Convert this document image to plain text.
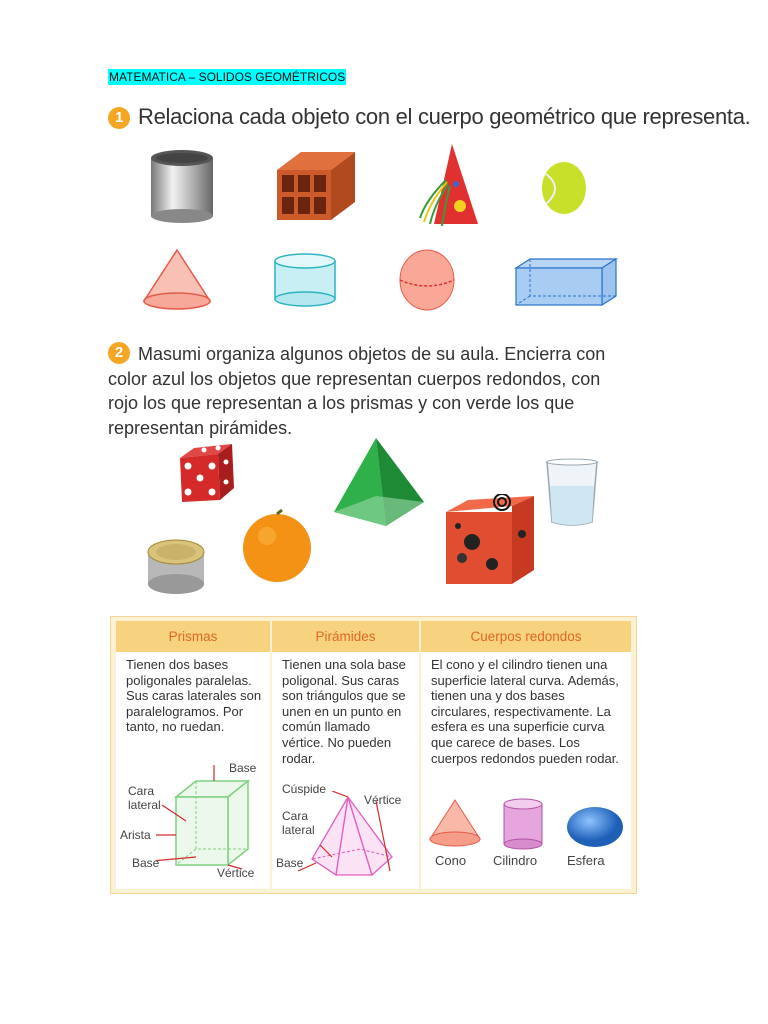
MATEMATICA – SOLIDOS GEOMÉTRICOS
1 Relaciona cada objeto con el cuerpo geométrico que representa.
2 Masumi organiza algunos objetos de su aula. Encierra con color azul los objetos que representan cuerpos redondos, con rojo los que representan a los prismas y con verde los que representan pirámides.
Prismas
Tienen dos bases poligonales paralelas. Sus caras laterales son paralelogramos. Por tanto, no ruedan.
Base
Cara lateral
Arista
Base
Vértice
Pirámides
Tienen una sola base poligonal. Sus caras son triángulos que se unen en un punto en común llamado vértice. No pueden rodar.
Cúspide
Vértice
Cara lateral
Base
Cuerpos redondos
El cono y el cilindro tienen una superficie lateral curva. Además, tienen una y dos bases circulares, respectivamente. La esfera es una superficie curva que carece de bases. Los cuerpos redondos pueden rodar.
Cono Cilindro Esfera
